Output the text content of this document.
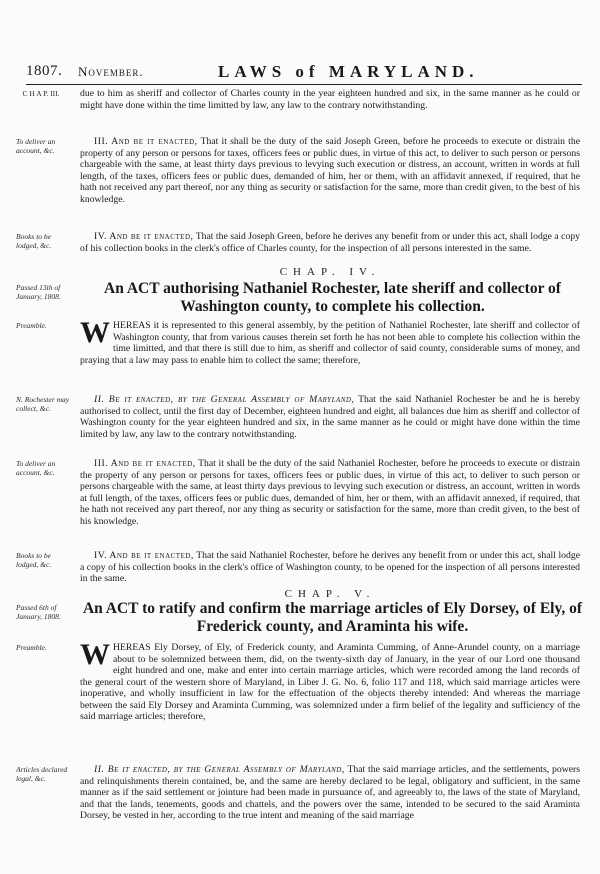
1807. November.	LAWS of MARYLAND.
C H A P. III.	due to him as sheriff and collector of Charles county in the year eighteen hundred and six, in the same manner as he could or might have done within the time limitted by law, any law to the contrary notwithstanding.

To deliver an account, &c.

III. And be it enacted, That it shall be the duty of the said Joseph Green, before he proceeds to execute or distrain the property of any person or persons for taxes, officers fees or public dues, in virtue of this act, to deliver to such person or persons chargeable with the same, at least thirty days previous to levying such execution or distress, an account, written in words at full length, of the taxes, officers fees or public dues, demanded of him, her or them, with an affidavit annexed, if required, that he hath not received any part thereof, nor any thing as security or satisfaction for the same, more than credit given, to the best of his knowledge.

Books to be lodged, &c.

IV. And be it enacted, That the said Joseph Green, before he derives any benefit from or under this act, shall lodge a copy of his collection books in the clerk's office of Charles county, for the inspection of all persons interested in the same.

CHAP. IV.
Passed 13th of January, 1808.	An ACT authorising Nathaniel Rochester, late sheriff and collector of Washington county, to complete his collection.
Preamble.	WHEREAS it is represented to this general assembly, by the petition of Nathaniel Rochester, late sheriff and collector of Washington county, that from various causes therein set forth he has not been able to complete his collection within the time limitted, and that there is still due to him, as sheriff and collector of said county, considerable sums of money, and praying that a law may pass to enable him to collect the same; therefore,

N. Rochester may collect, &c.

II. Be it enacted, by the General Assembly of Maryland, That the said Nathaniel Rochester be and he is hereby authorised to collect, until the first day of December, eighteen hundred and eight, all balances due him as sheriff and collector of Washington county for the year eighteen hundred and six, in the same manner as he could or might have done within the time limited by law, any law to the contrary notwithstanding.

To deliver an account, &c.

III. And be it enacted, That it shall be the duty of the said Nathaniel Rochester, before he proceeds to execute or distrain the property of any person or persons for taxes, officers fees or public dues, in virtue of this act, to deliver to such person or persons chargeable with the same, at least thirty days previous to levying such execution or distress, an account, written in words at full length, of the taxes, officers fees or public dues, demanded of him, her or them, with an affidavit annexed, if required, that he hath not received any part thereof, nor any thing as security or satisfaction for the same, more than credit given, to the best of his knowledge.

Books to be lodged, &c.

IV. And be it enacted, That the said Nathaniel Rochester, before he derives any benefit from or under this act, shall lodge a copy of his collection books in the clerk's office of Washington county, to be opened for the inspection of all persons interested in the same.

CHAP. V.
Passed 6th of January, 1808.	An ACT to ratify and confirm the marriage articles of Ely Dorsey, of Ely, of Frederick county, and Araminta his wife.
Preamble.	WHEREAS Ely Dorsey, of Ely, of Frederick county, and Araminta Cumming, of Anne-Arundel county, on a marriage about to be solemnized between them, did, on the twenty-sixth day of January, in the year of our Lord one thousand eight hundred and one, make and enter into certain marriage articles, which were recorded among the land records of the general court of the western shore of Maryland, in Liber J. G. No. 6, folio 117 and 118, which said marriage articles were inoperative, and wholly insufficient in law for the effectuation of the objects thereby intended: And whereas the marriage between the said Ely Dorsey and Araminta Cumming, was solemnized under a firm belief of the legality and sufficiency of the said marriage articles; therefore,

Articles declared legal, &c.

II. Be it enacted, by the General Assembly of Maryland, That the said marriage articles, and the settlements, powers and relinquishments therein contained, be, and the same are hereby declared to be legal, obligatory and sufficient, in the same manner as if the said settlement or jointure had been made in pursuance of, and agreeably to, the laws of the state of Maryland, and that the lands, tenements, goods and chattels, and the powers over the same, intended to be secured to the said Araminta Dorsey, be vested in her, according to the true intent and meaning of the said marriage
